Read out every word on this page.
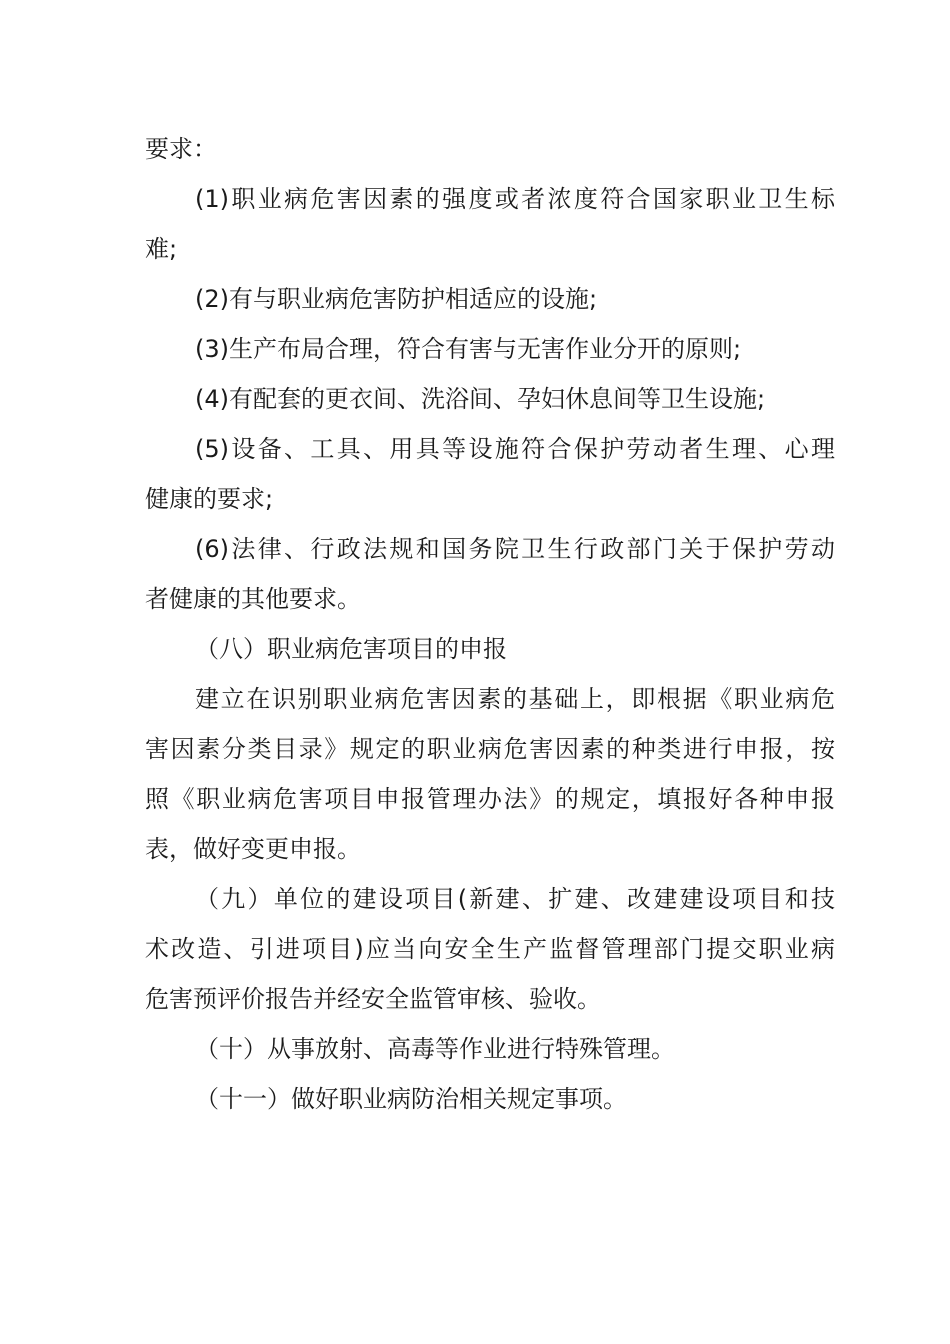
要求：
(1)职业病危害因素的强度或者浓度符合国家职业卫生标
难;
(2)有与职业病危害防护相适应的设施;
(3)生产布局合理，符合有害与无害作业分开的原则;
(4)有配套的更衣间、洗浴间、孕妇休息间等卫生设施;
(5)设备、工具、用具等设施符合保护劳动者生理、心理
健康的要求;
(6)法律、行政法规和国务院卫生行政部门关于保护劳动
者健康的其他要求。
（八）职业病危害项目的申报
建立在识别职业病危害因素的基础上，即根据《职业病危
害因素分类目录》规定的职业病危害因素的种类进行申报，按
照《职业病危害项目申报管理办法》的规定，填报好各种申报
表，做好变更申报。
（九）单位的建设项目(新建、扩建、改建建设项目和技
术改造、引进项目)应当向安全生产监督管理部门提交职业病
危害预评价报告并经安全监管审核、验收。
（十）从事放射、高毒等作业进行特殊管理。
（十一）做好职业病防治相关规定事项。
